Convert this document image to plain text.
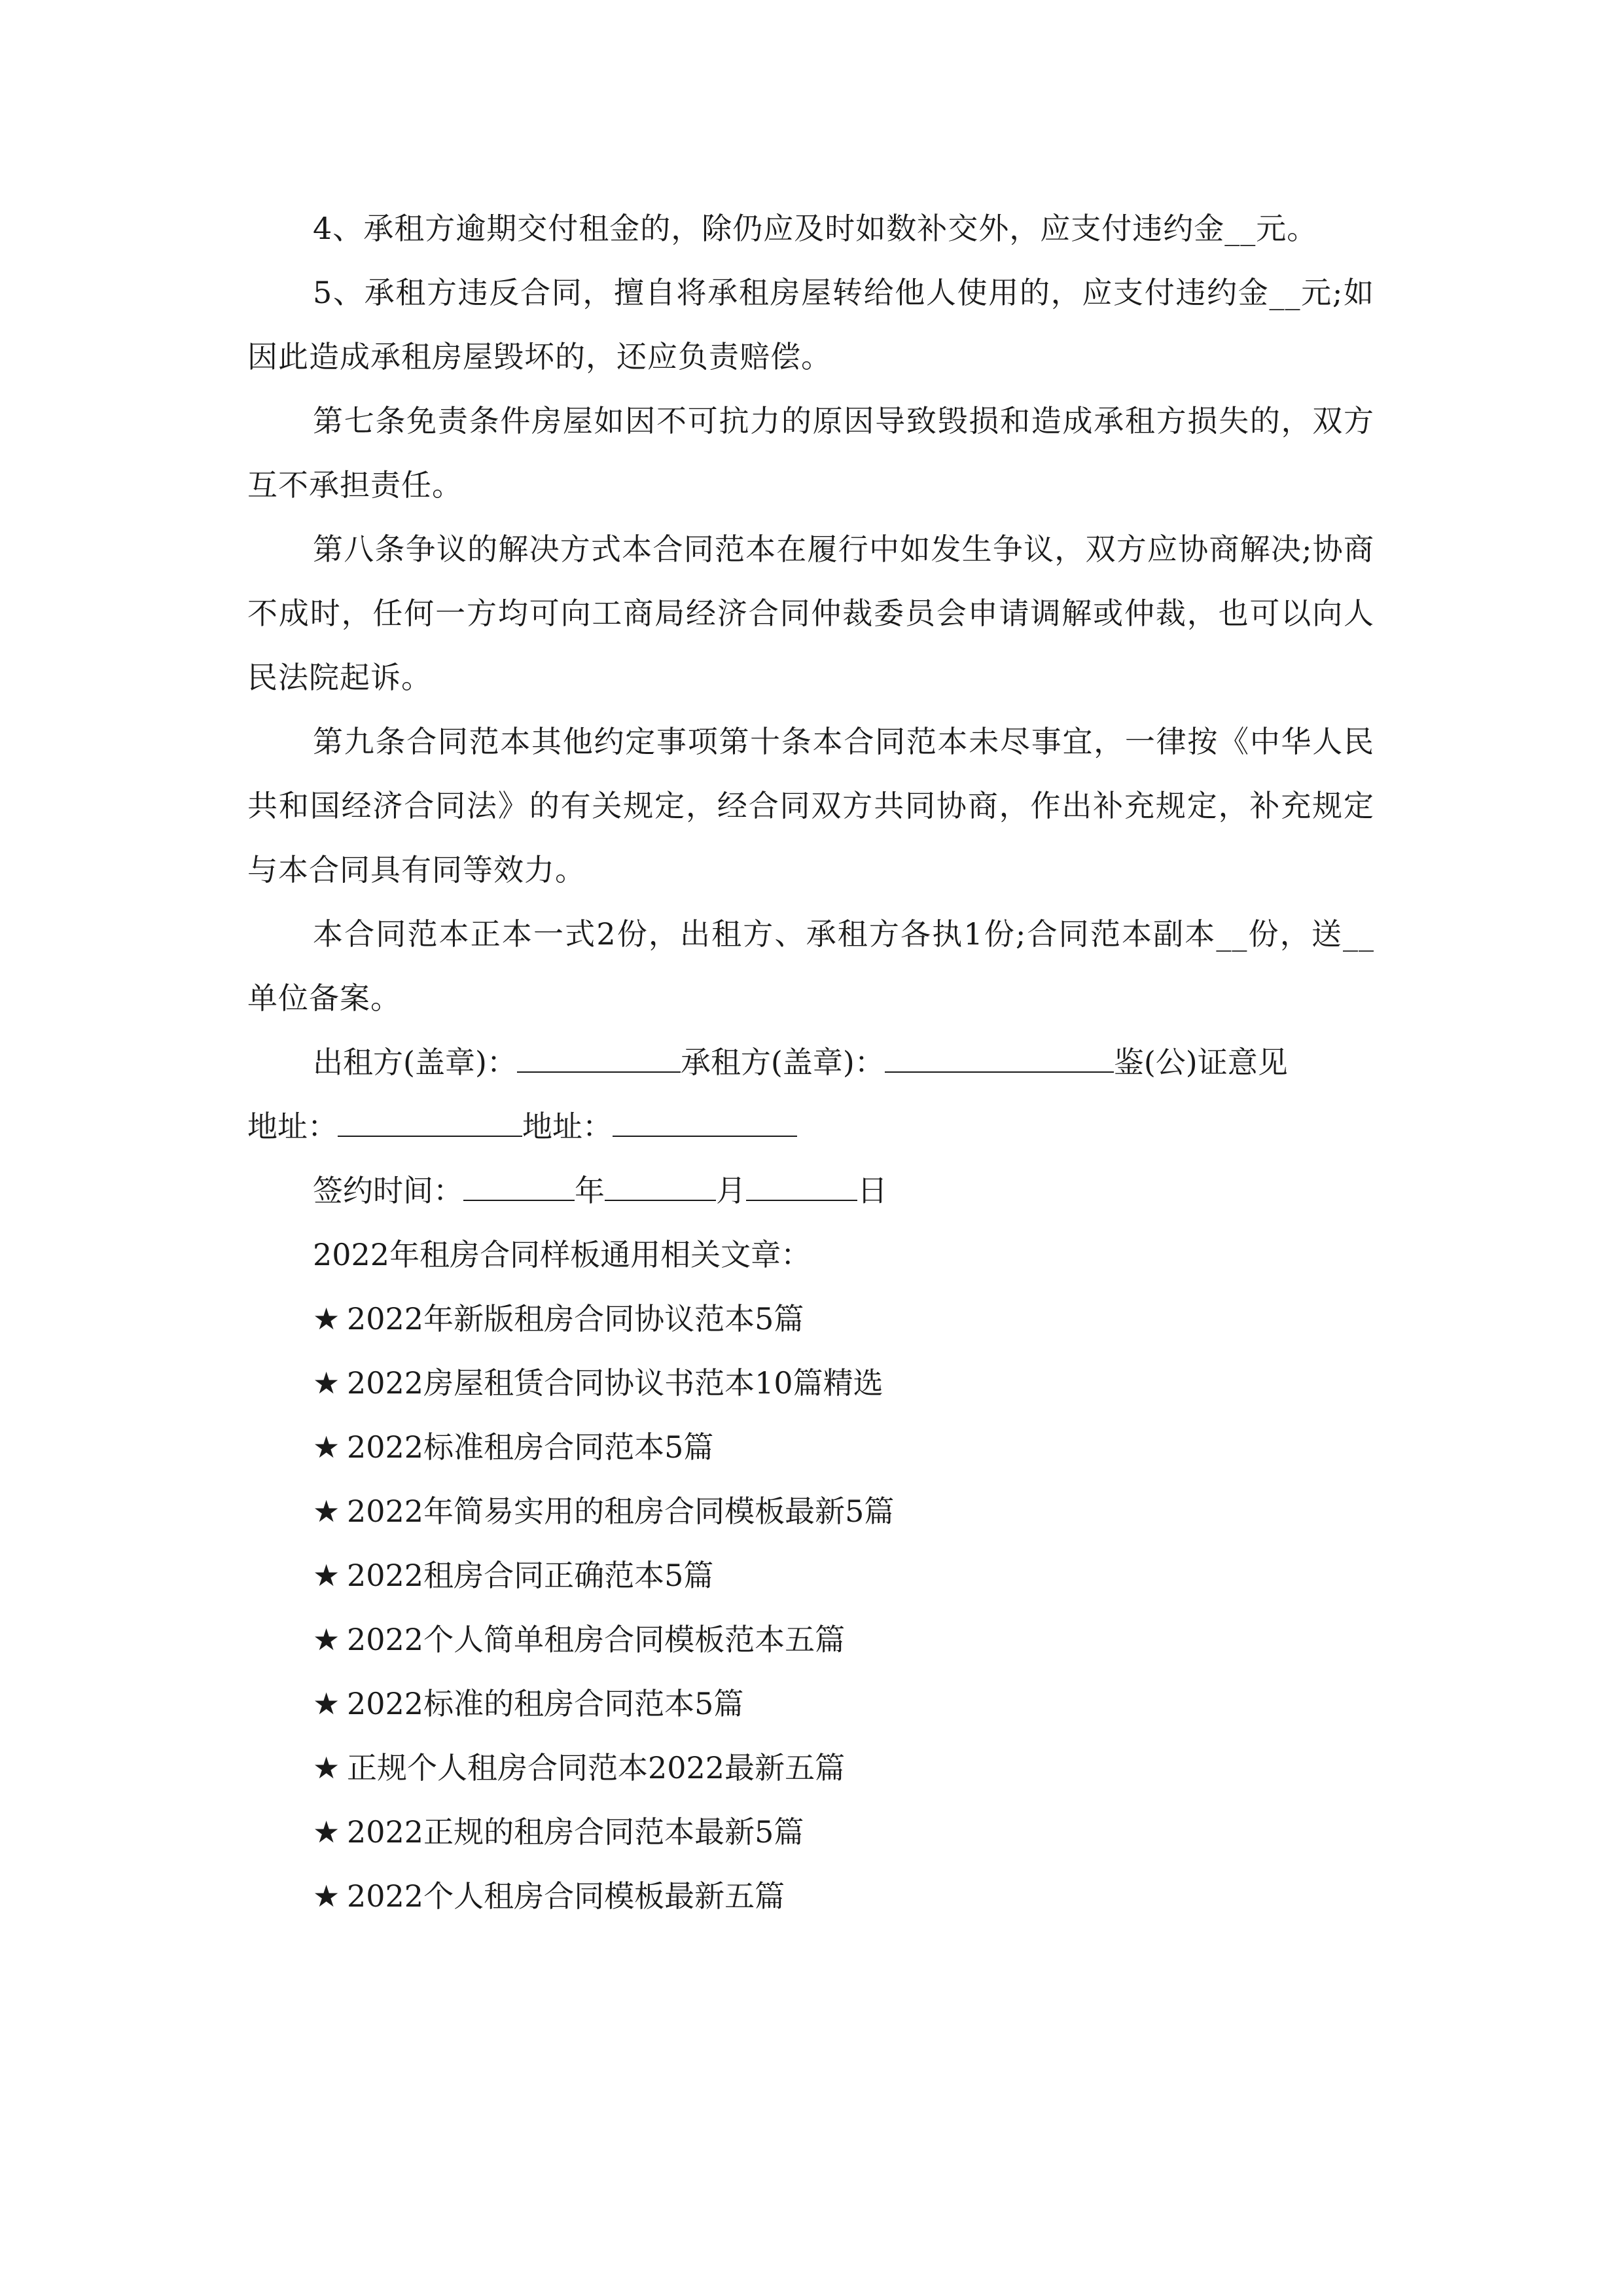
4、承租方逾期交付租金的，除仍应及时如数补交外，应支付违约金__元。

5、承租方违反合同，擅自将承租房屋转给他人使用的，应支付违约金__元;如因此造成承租房屋毁坏的，还应负责赔偿。

第七条免责条件房屋如因不可抗力的原因导致毁损和造成承租方损失的，双方互不承担责任。

第八条争议的解决方式本合同范本在履行中如发生争议，双方应协商解决;协商不成时，任何一方均可向工商局经济合同仲裁委员会申请调解或仲裁，也可以向人民法院起诉。

第九条合同范本其他约定事项第十条本合同范本未尽事宜，一律按《中华人民共和国经济合同法》的有关规定，经合同双方共同协商，作出补充规定，补充规定与本合同具有同等效力。

本合同范本正本一式2份，出租方、承租方各执1份;合同范本副本__份，送__单位备案。

出租方(盖章)：	承租方(盖章)：	鉴(公)证意见

地址：	地址：

签约时间：	年	月	日

2022年租房合同样板通用相关文章：

★ 2022年新版租房合同协议范本5篇
★ 2022房屋租赁合同协议书范本10篇精选
★ 2022标准租房合同范本5篇
★ 2022年简易实用的租房合同模板最新5篇
★ 2022租房合同正确范本5篇
★ 2022个人简单租房合同模板范本五篇
★ 2022标准的租房合同范本5篇
★ 正规个人租房合同范本2022最新五篇
★ 2022正规的租房合同范本最新5篇
★ 2022个人租房合同模板最新五篇
